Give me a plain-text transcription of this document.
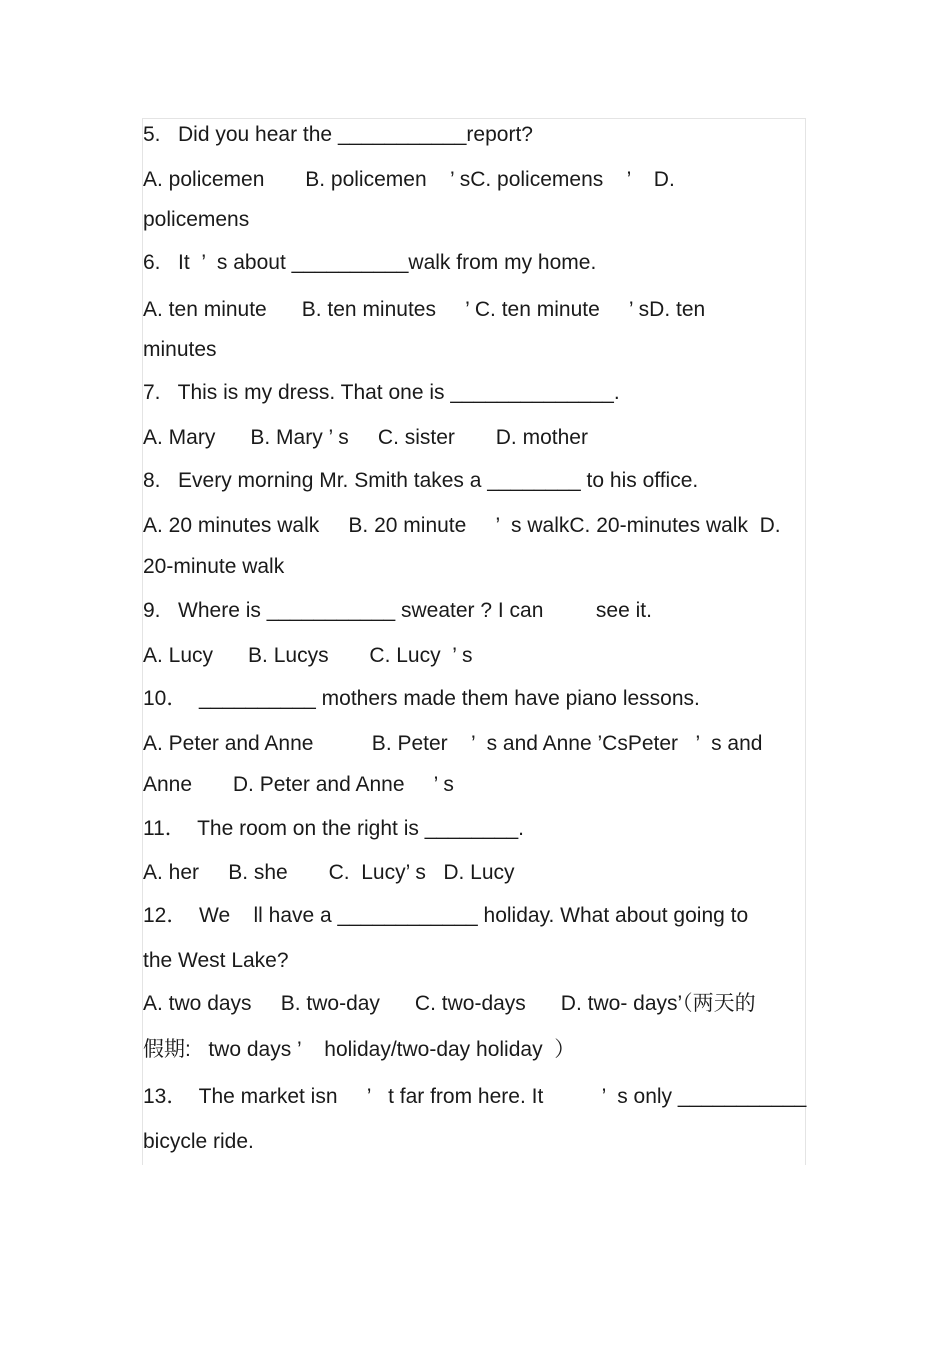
5.   Did you hear the ___________report?

A. policemen       B. policemen    ’ sC. policemens    ’    D.

policemens

6.   It  ’  s about __________walk from my home.

A. ten minute      B. ten minutes     ’ C. ten minute     ’ sD. ten

minutes

7.   This is my dress. That one is ______________.

A. Mary      B. Mary ’ s     C. sister       D. mother

8.   Every morning Mr. Smith takes a ________ to his office.

A. 20 minutes walk     B. 20 minute     ’  s walkC. 20-minutes walk  D.

20-minute walk

9.   Where is ___________ sweater ? I can         see it.

A. Lucy      B. Lucys       C. Lucy  ’ s

10．  __________ mothers made them have piano lessons.

A. Peter and Anne          B. Peter    ’  s and Anne ’CsPeter   ’  s and

Anne       D. Peter and Anne     ’ s

11．  The room on the right is ________.

A. her     B. she       C.  Lucy’ s   D. Lucy

12．  We    ll have a ____________ holiday. What about going to

the West Lake?

A. two days     B. two-day      C. two-days      D. two- days’（两天的

假期:   two days ’    holiday/two-day holiday  ）

13．  The market isn     ’   t far from here. It          ’  s only ___________

bicycle ride.
